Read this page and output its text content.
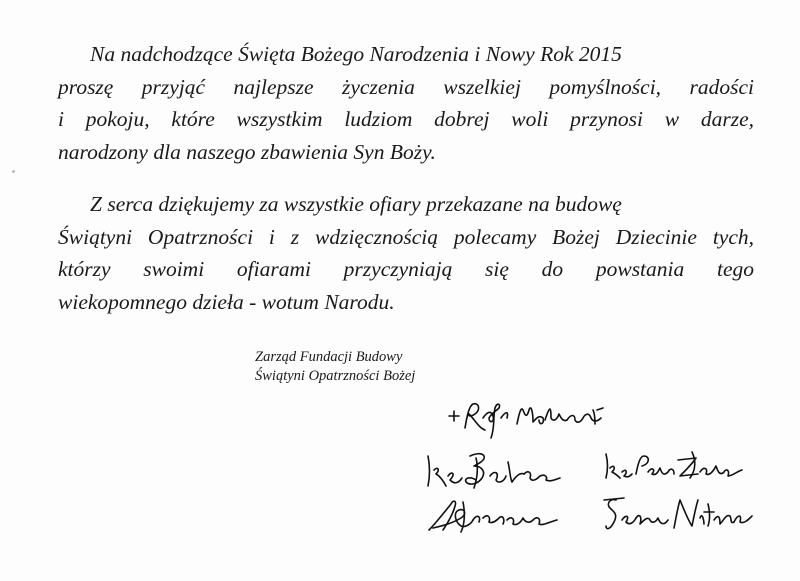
Na nadchodzące Święta Bożego Narodzenia i Nowy Rok 2015
proszę przyjąć najlepsze życzenia wszelkiej pomyślności, radości
i pokoju, które wszystkim ludziom dobrej woli przynosi w darze,
narodzony dla naszego zbawienia Syn Boży.
Z serca dziękujemy za wszystkie ofiary przekazane na budowę
Świątyni Opatrzności i z wdzięcznością polecamy Bożej Dziecinie tych,
którzy swoimi ofiarami przyczyniają się do powstania tego
wiekopomnego dzieła - wotum Narodu.
Zarząd Fundacji Budowy
Świątyni Opatrzności Bożej
